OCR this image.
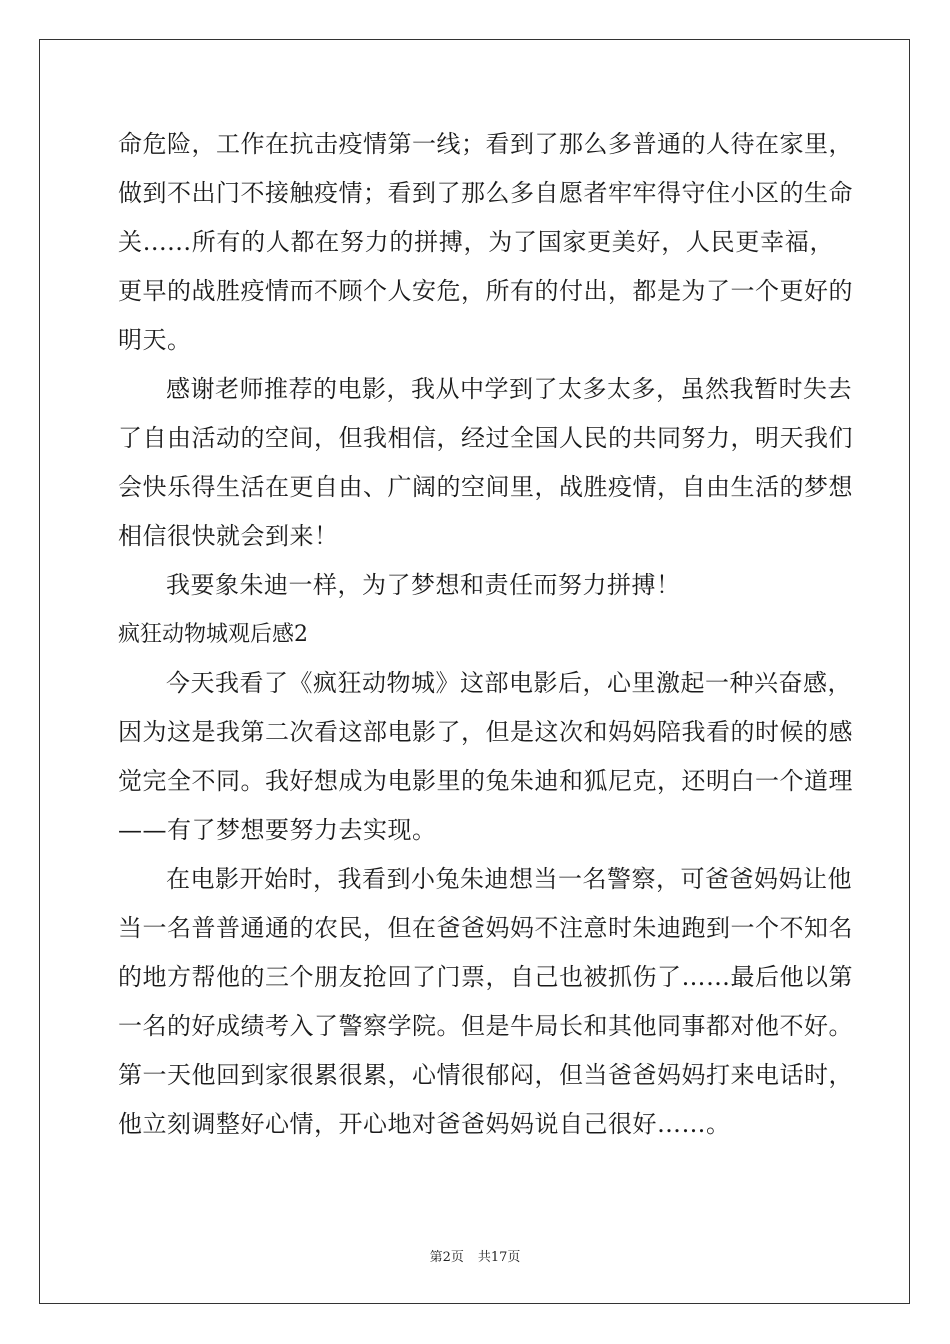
命危险，工作在抗击疫情第一线；看到了那么多普通的人待在家里，
做到不出门不接触疫情；看到了那么多自愿者牢牢得守住小区的生命
关......所有的人都在努力的拼搏，为了国家更美好，人民更幸福，
更早的战胜疫情而不顾个人安危，所有的付出，都是为了一个更好的
明天。
感谢老师推荐的电影，我从中学到了太多太多，虽然我暂时失去
了自由活动的空间，但我相信，经过全国人民的共同努力，明天我们
会快乐得生活在更自由、广阔的空间里，战胜疫情，自由生活的梦想
相信很快就会到来！
我要象朱迪一样，为了梦想和责任而努力拼搏！
疯狂动物城观后感2
今天我看了《疯狂动物城》这部电影后，心里激起一种兴奋感，
因为这是我第二次看这部电影了，但是这次和妈妈陪我看的时候的感
觉完全不同。我好想成为电影里的兔朱迪和狐尼克，还明白一个道理
——有了梦想要努力去实现。
在电影开始时，我看到小兔朱迪想当一名警察，可爸爸妈妈让他
当一名普普通通的农民，但在爸爸妈妈不注意时朱迪跑到一个不知名
的地方帮他的三个朋友抢回了门票，自己也被抓伤了……最后他以第
一名的好成绩考入了警察学院。但是牛局长和其他同事都对他不好。
第一天他回到家很累很累，心情很郁闷，但当爸爸妈妈打来电话时，
他立刻调整好心情，开心地对爸爸妈妈说自己很好……。
第2页 共17页
